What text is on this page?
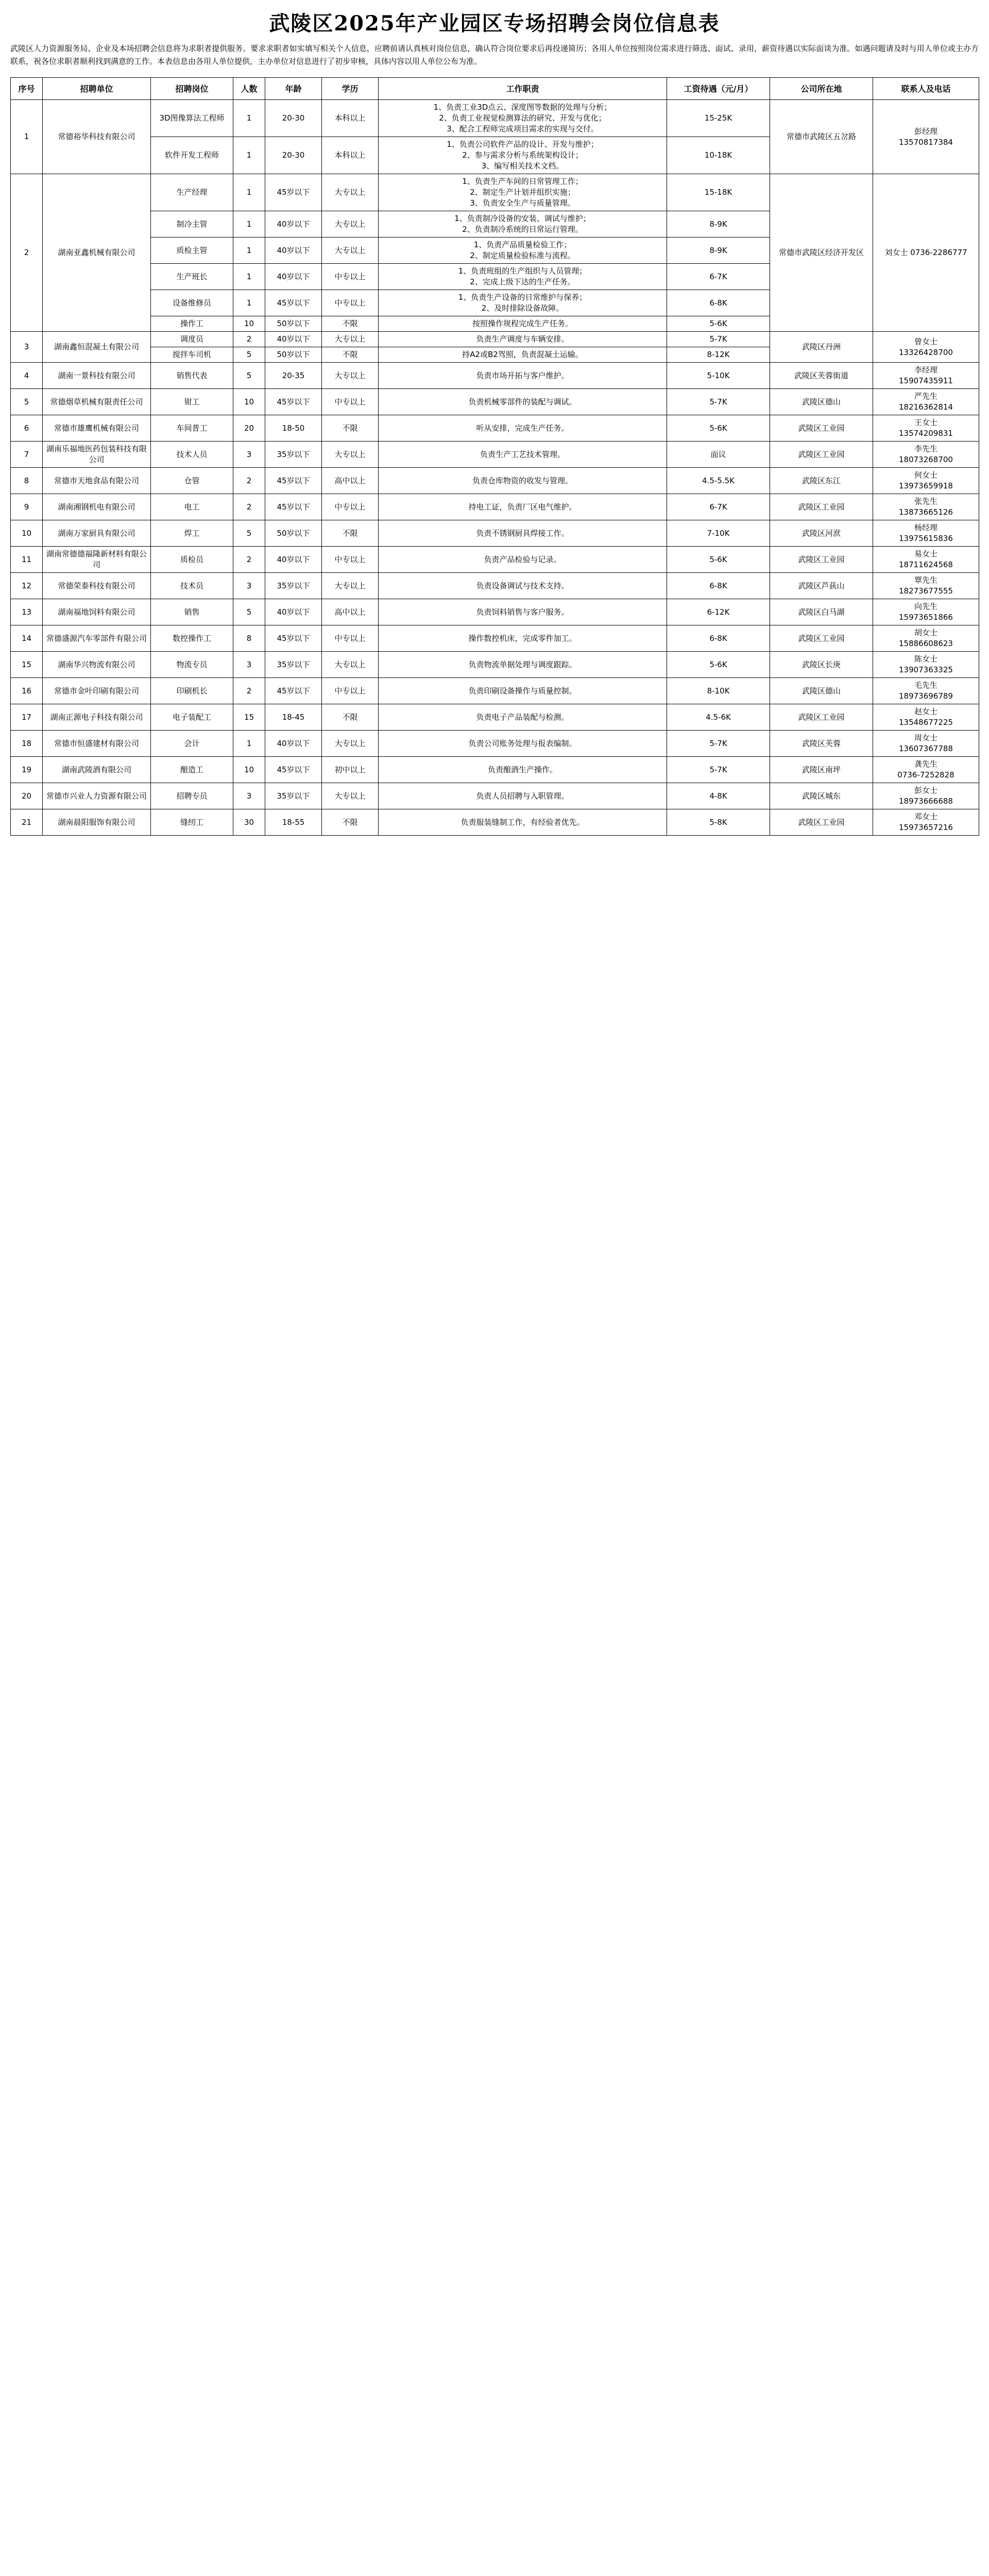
武陵区2025年产业园区专场招聘会岗位信息表
武陵区人力资源服务局、企业及本场招聘会信息将为求职者提供服务。要求求职者如实填写相关个人信息，应聘前请认真核对岗位信息，确认符合岗位要求后再投递简历；各用人单位按照岗位需求进行筛选、面试、录用，薪资待遇以实际面谈为准。如遇问题请及时与用人单位或主办方联系，祝各位求职者顺利找到满意的工作。本表信息由各用人单位提供，主办单位对信息进行了初步审核，具体内容以用人单位公布为准。
序号	招聘单位	招聘岗位	人数	年龄	学历	工作职责	工资待遇（元/月）	公司所在地	联系人及电话
1	常德裕华科技有限公司	3D图像算法工程师	1	20-30	本科以上	1、负责工业3D点云、深度图等数据的处理与分析；
2、负责工业视觉检测算法的研究、开发与优化；
3、配合工程师完成项目需求的实现与交付。	15-25K	常德市武陵区五岔路	彭经理
13570817384
		软件开发工程师	1	20-30	本科以上	1、负责公司软件产品的设计、开发与维护；
2、参与需求分析与系统架构设计；
3、编写相关技术文档。	10-18K		
2	湖南亚鑫机械有限公司	生产经理	1	45岁以下	大专以上	1、负责生产车间的日常管理工作；
2、制定生产计划并组织实施；
3、负责安全生产与质量管理。	15-18K	常德市武陵区经济开发区	刘女士 0736-2286777
		制冷主管	1	40岁以下	大专以上	1、负责制冷设备的安装、调试与维护；
2、负责制冷系统的日常运行管理。	8-9K		
		质检主管	1	40岁以下	大专以上	1、负责产品质量检验工作；
2、制定质量检验标准与流程。	8-9K		
		生产班长	1	40岁以下	中专以上	1、负责班组的生产组织与人员管理；
2、完成上级下达的生产任务。	6-7K		
		设备维修员	1	45岁以下	中专以上	1、负责生产设备的日常维护与保养；
2、及时排除设备故障。	6-8K		
		操作工	10	50岁以下	不限	按照操作规程完成生产任务。	5-6K		
3	湖南鑫恒混凝土有限公司	调度员	2	40岁以下	大专以上	负责生产调度与车辆安排。	5-7K	武陵区丹洲	曾女士
13326428700
		搅拌车司机	5	50岁以下	不限	持A2或B2驾照，负责混凝土运输。	8-12K		
4	湖南一景科技有限公司	销售代表	5	20-35	大专以上	负责市场开拓与客户维护。	5-10K	武陵区芙蓉街道	李经理
15907435911
5	常德烟草机械有限责任公司	钳工	10	45岁以下	中专以上	负责机械零部件的装配与调试。	5-7K	武陵区德山	严先生
18216362814
6	常德市雄鹰机械有限公司	车间普工	20	18-50	不限	听从安排，完成生产任务。	5-6K	武陵区工业园	王女士
13574209831
7	湖南乐福地医药包装科技有限公司	技术人员	3	35岁以下	大专以上	负责生产工艺技术管理。	面议	武陵区工业园	李先生
18073268700
8	常德市天地食品有限公司	仓管	2	45岁以下	高中以上	负责仓库物资的收发与管理。	4.5-5.5K	武陵区东江	何女士
13973659918
9	湖南湘钢机电有限公司	电工	2	45岁以下	中专以上	持电工证，负责厂区电气维护。	6-7K	武陵区工业园	张先生
13873665126
10	湖南万家厨具有限公司	焊工	5	50岁以下	不限	负责不锈钢厨具焊接工作。	7-10K	武陵区河洑	杨经理
13975615836
11	湖南常德德福隆新材料有限公司	质检员	2	40岁以下	中专以上	负责产品检验与记录。	5-6K	武陵区工业园	易女士
18711624568
12	常德荣泰科技有限公司	技术员	3	35岁以下	大专以上	负责设备调试与技术支持。	6-8K	武陵区芦荻山	覃先生
18273677555
13	湖南福地饲料有限公司	销售	5	40岁以下	高中以上	负责饲料销售与客户服务。	6-12K	武陵区白马湖	向先生
15973651866
14	常德盛源汽车零部件有限公司	数控操作工	8	45岁以下	中专以上	操作数控机床，完成零件加工。	6-8K	武陵区工业园	胡女士
15886608623
15	湖南华兴物流有限公司	物流专员	3	35岁以下	大专以上	负责物流单据处理与调度跟踪。	5-6K	武陵区长庚	陈女士
13907363325
16	常德市金叶印刷有限公司	印刷机长	2	45岁以下	中专以上	负责印刷设备操作与质量控制。	8-10K	武陵区德山	毛先生
18973696789
17	湖南正源电子科技有限公司	电子装配工	15	18-45	不限	负责电子产品装配与检测。	4.5-6K	武陵区工业园	赵女士
13548677225
18	常德市恒盛建材有限公司	会计	1	40岁以下	大专以上	负责公司账务处理与报表编制。	5-7K	武陵区芙蓉	周女士
13607367788
19	湖南武陵酒有限公司	酿造工	10	45岁以下	初中以上	负责酿酒生产操作。	5-7K	武陵区南坪	龚先生
0736-7252828
20	常德市兴业人力资源有限公司	招聘专员	3	35岁以下	大专以上	负责人员招聘与入职管理。	4-8K	武陵区城东	彭女士
18973666688
21	湖南晨阳服饰有限公司	缝纫工	30	18-55	不限	负责服装缝制工作，有经验者优先。	5-8K	武陵区工业园	邓女士
15973657216
